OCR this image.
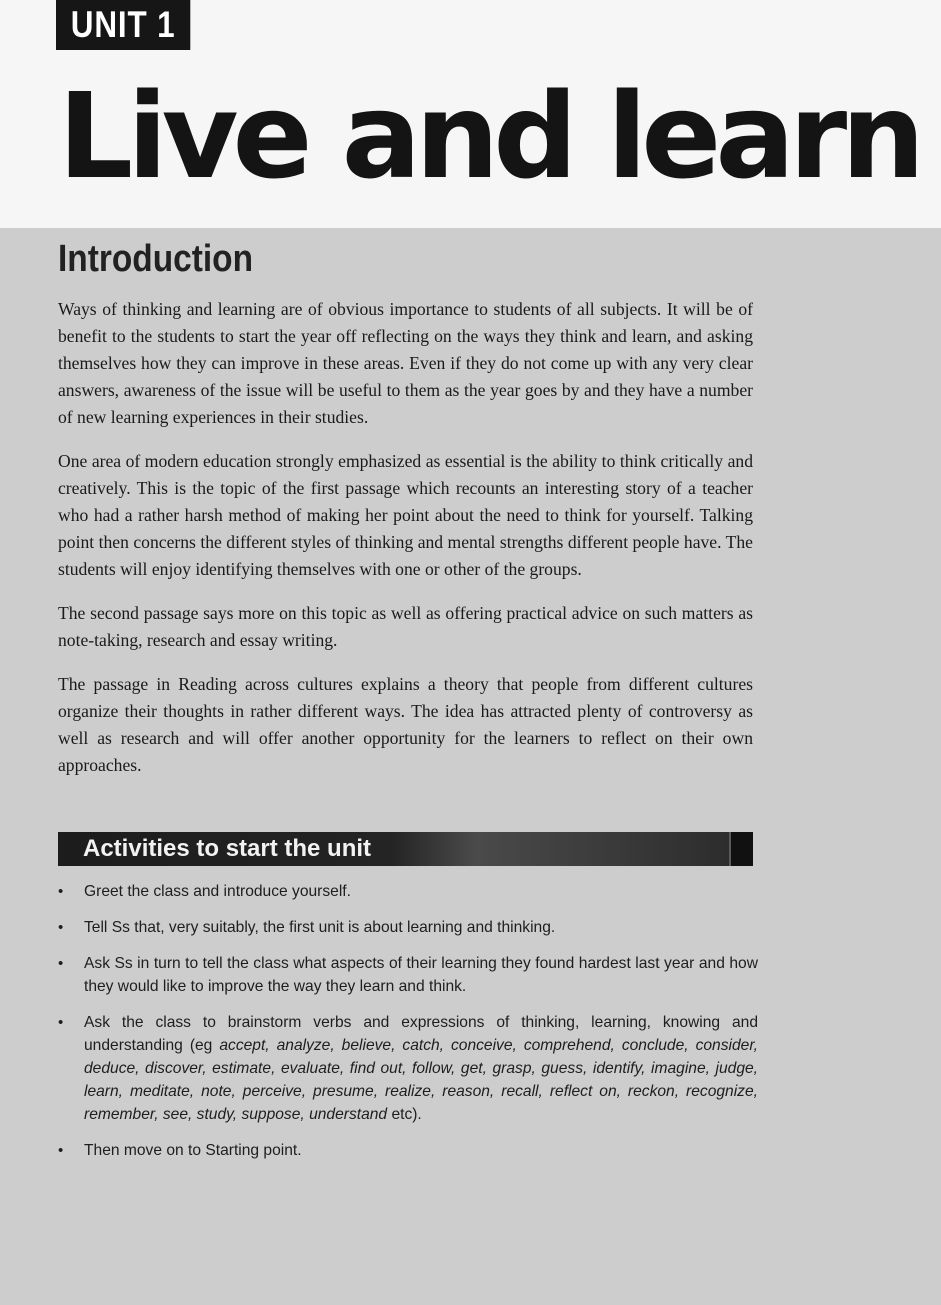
UNIT 1
Live and learn
Introduction

Ways of thinking and learning are of obvious importance to students of all subjects. It will be of benefit to the students to start the year off reflecting on the ways they think and learn, and asking themselves how they can improve in these areas. Even if they do not come up with any very clear answers, awareness of the issue will be useful to them as the year goes by and they have a number of new learning experiences in their studies.

One area of modern education strongly emphasized as essential is the ability to think critically and creatively. This is the topic of the first passage which recounts an interesting story of a teacher who had a rather harsh method of making her point about the need to think for yourself. Talking point then concerns the different styles of thinking and mental strengths different people have. The students will enjoy identifying themselves with one or other of the groups.

The second passage says more on this topic as well as offering practical advice on such matters as note-taking, research and essay writing.

The passage in Reading across cultures explains a theory that people from different cultures organize their thoughts in rather different ways. The idea has attracted plenty of controversy as well as research and will offer another opportunity for the learners to reflect on their own approaches.

Activities to start the unit
• Greet the class and introduce yourself.
• Tell Ss that, very suitably, the first unit is about learning and thinking.
• Ask Ss in turn to tell the class what aspects of their learning they found hardest last year and how they would like to improve the way they learn and think.
• Ask the class to brainstorm verbs and expressions of thinking, learning, knowing and understanding (eg accept, analyze, believe, catch, conceive, comprehend, conclude, consider, deduce, discover, estimate, evaluate, find out, follow, get, grasp, guess, identify, imagine, judge, learn, meditate, note, perceive, presume, realize, reason, recall, reflect on, reckon, recognize, remember, see, study, suppose, understand etc).
• Then move on to Starting point.
